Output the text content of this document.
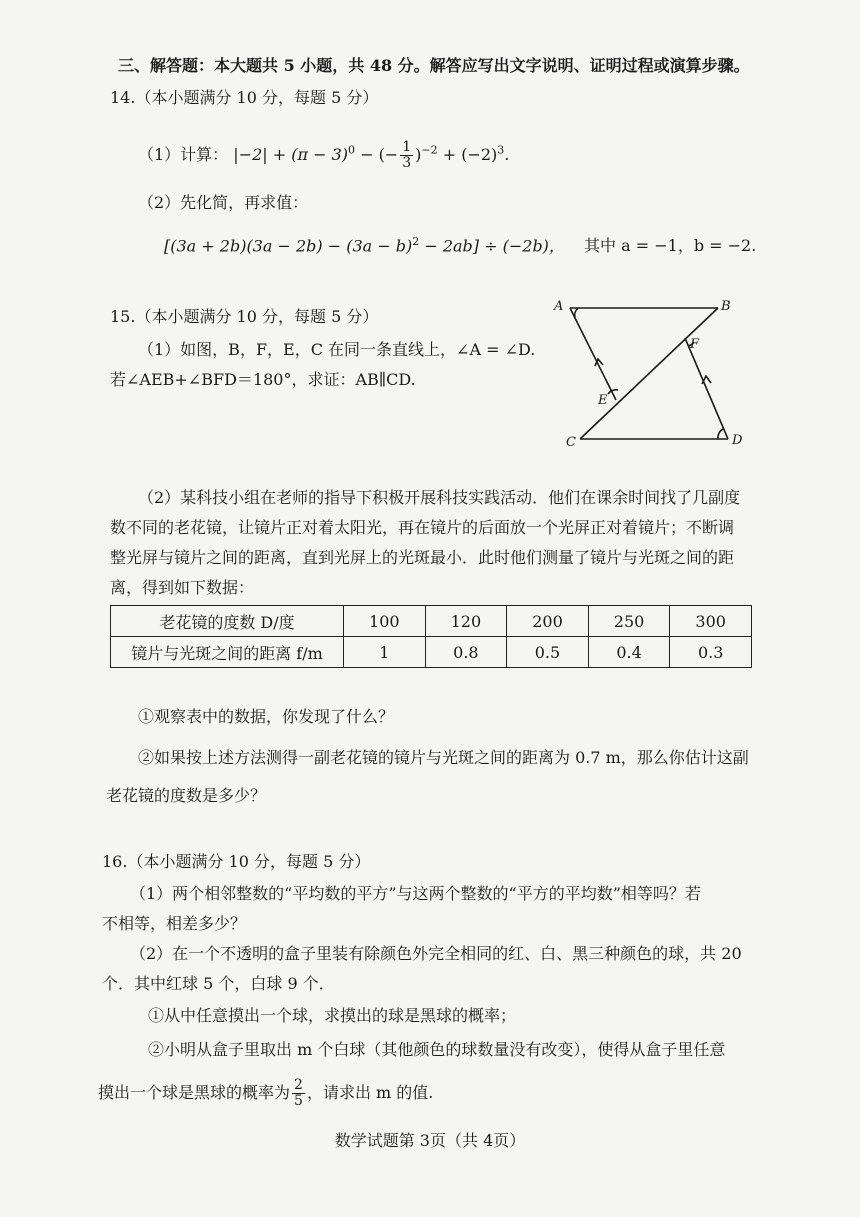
三、解答题：本大题共 5 小题，共 48 分。解答应写出文字说明、证明过程或演算步骤。
14.（本小题满分 10 分，每题 5 分）
（1）计算： $|-2| + (\pi - 3)^0$ − (− $\frac{1}{3} )^{-2} + (-2)^3$.
（2）先化简，再求值：
$[(3a + 2b)(3a - 2b) - (3a - b)^2 - 2ab] \div (-2b)$， 其中 a = −1，b = −2.
15.（本小题满分 10 分，每题 5 分）
（1）如图，B，F，E，C 在同一条直线上，∠A = ∠D.
若∠AEB+∠BFD＝180°，求证：AB∥CD.
A	B
C	D
E
F
（2）某科技小组在老师的指导下积极开展科技实践活动．他们在课余时间找了几副度
数不同的老花镜，让镜片正对着太阳光，再在镜片的后面放一个光屏正对着镜片；不断调
整光屏与镜片之间的距离，直到光屏上的光斑最小．此时他们测量了镜片与光斑之间的距
离，得到如下数据：
老花镜的度数 D/度	100	120	200	250	300
镜片与光斑之间的距离 f/m	1	0.8	0.5	0.4	0.3
①观察表中的数据，你发现了什么？
②如果按上述方法测得一副老花镜的镜片与光斑之间的距离为 0.7 m，那么你估计这副
老花镜的度数是多少？
16.（本小题满分 10 分，每题 5 分）
（1）两个相邻整数的“平均数的平方”与这两个整数的“平方的平均数”相等吗？若
不相等，相差多少？
（2）在一个不透明的盒子里装有除颜色外完全相同的红、白、黑三种颜色的球，共 20
个．其中红球 5 个，白球 9 个．
①从中任意摸出一个球，求摸出的球是黑球的概率；
②小明从盒子里取出 m 个白球（其他颜色的球数量没有改变），使得从盒子里任意
摸出一个球是黑球的概率为 $\frac{2}{5}$ ，请求出 m 的值.
数学试题第 3页（共 4页）
